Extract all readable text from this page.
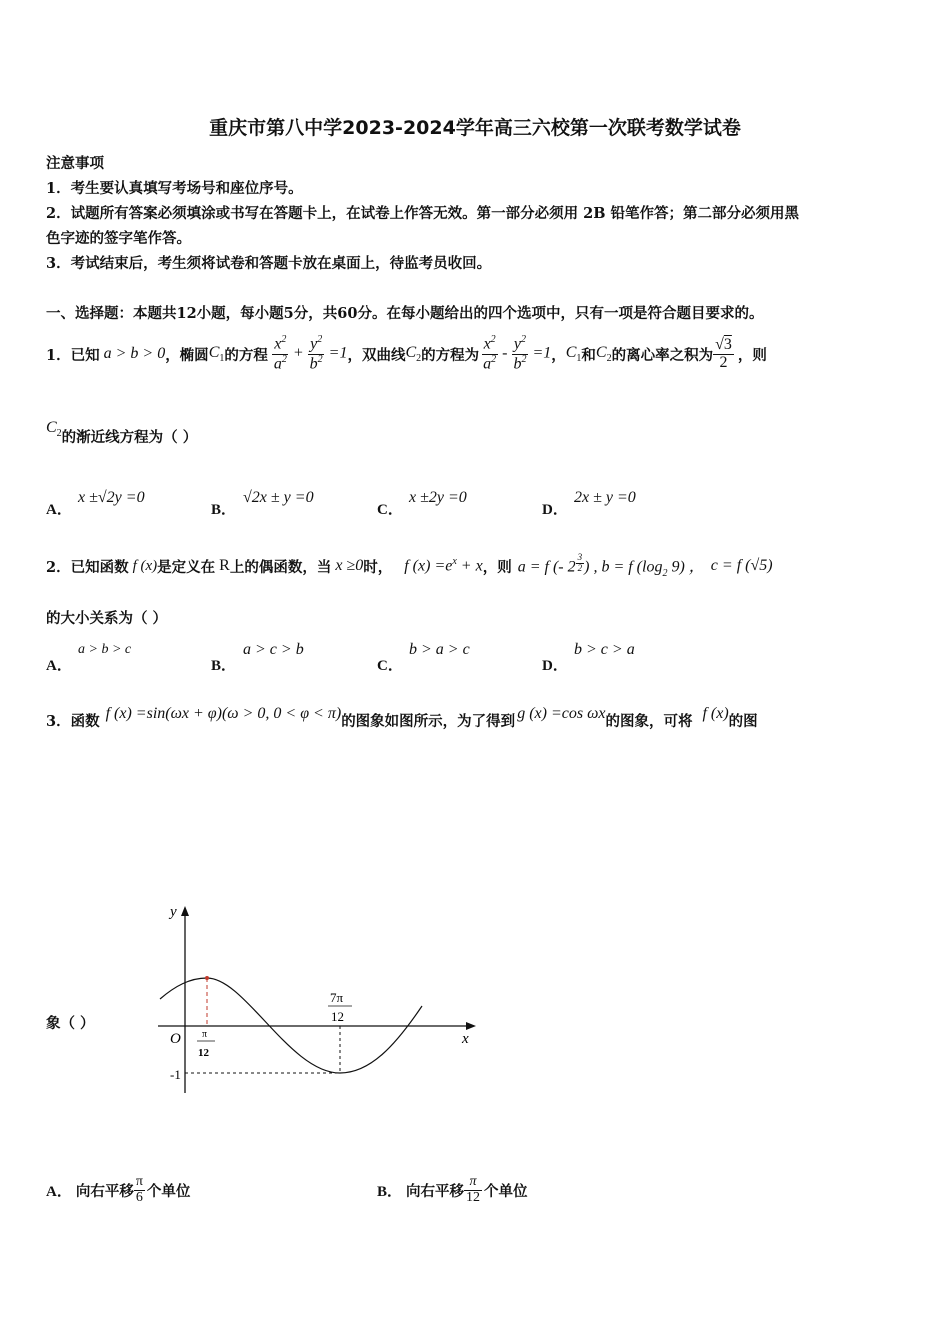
重庆市第八中学2023-2024学年高三六校第一次联考数学试卷
注意事项
1．考生要认真填写考场号和座位序号。
2．试题所有答案必须填涂或书写在答题卡上，在试卷上作答无效。第一部分必须用 2B 铅笔作答；第二部分必须用黑
色字迹的签字笔作答。
3．考试结束后，考生须将试卷和答题卡放在桌面上，待监考员收回。
一、选择题：本题共12小题，每小题5分，共60分。在每小题给出的四个选项中，只有一项是符合题目要求的。
1．已知 a > b > 0 ，椭圆 $C_1$ 的方程 $\frac{x^2}{a^2} + \frac{y^2}{b^2} =1$ ，双曲线 $C_2$ 的方程为 $\frac{x^2}{a^2} - \frac{y^2}{b^2} =1$ ， $C_1$ 和 $C_2$ 的离心率之积为 $\frac{√3}{2}$ ，则
$C_2$ 的渐近线方程为（ ）
A．
x ±√2y =0
B．
√2x ± y =0
C．
x ±2y =0
D．
2x ± y =0
2．已知函数 f (x) 是定义在 R 上的偶函数，当 x ≥0 时， f $(x) =e^x + x$ ，则 a = f (- 2 $^{\frac{3}{2}}$ ) , b = f ($\log_2$ 9) ， c = f (√5)
的大小关系为（ ）
A．
a > b > c
B．
a > c > b
C．
b > a > c
D．
b > c > a
3．函数 f (x) =sin(ωx + φ)(ω > 0, 0 < φ < π) 的图象如图所示，为了得到 g (x) =cos ωx 的图象，可将 f (x) 的图
象（ ）
y
x
O π
12
7π
12
-1
A． 向右平移 $\frac{\pi}{6}$ 个单位	B． 向右平移 $\frac{\pi}{12}$ 个单位
